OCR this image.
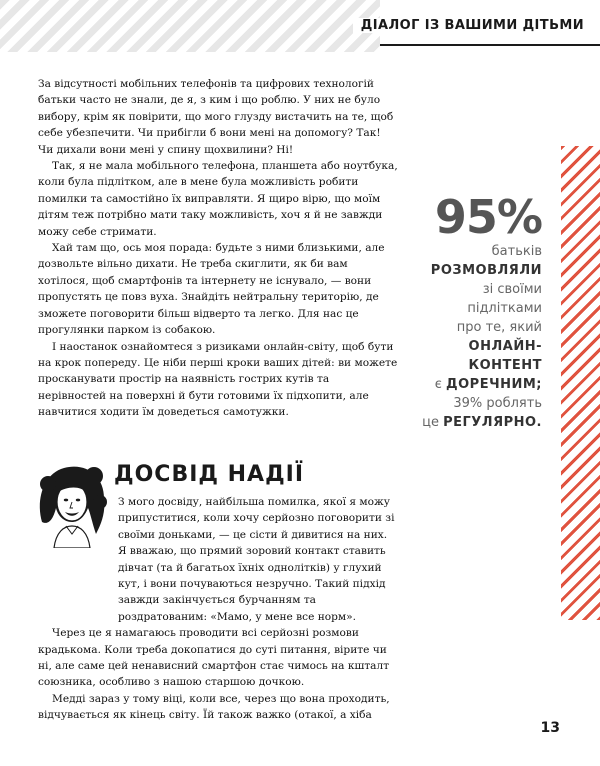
ДІАЛОГ ІЗ ВАШИМИ ДІТЬМИ

За відсутності мобільних телефонів та цифрових технологій батьки часто не знали, де я, з ким і що роблю. У них не було вибору, крім як повірити, що мого глузду вистачить на те, щоб себе убезпечити. Чи прибігли б вони мені на допомогу? Так! Чи дихали вони мені у спину щохвилини? Ні!

Так, я не мала мобільного телефона, планшета або ноутбука, коли була підлітком, але в мене була можливість робити помилки та самостійно їх виправляти. Я щиро вірю, що моїм дітям теж потрібно мати таку можливість, хоч я й не завжди можу себе стримати.

Хай там що, ось моя порада: будьте з ними близькими, але дозвольте вільно дихати. Не треба скиглити, як би вам хотілося, щоб смартфонів та інтернету не існувало, — вони пропустять це повз вуха. Знайдіть нейтральну територію, де зможете поговорити більш відверто та легко. Для нас це прогулянки парком із собакою.

І наостанок ознайомтеся з ризиками онлайн-світу, щоб бути на крок попереду. Це ніби перші кроки ваших дітей: ви можете просканувати простір на наявність гострих кутів та нерівностей на поверхні й бути готовими їх підхопити, але навчитися ходити їм доведеться самотужки.

95%
батьків
РОЗМОВЛЯЛИ
зі своїми
підлітками
про те, який
ОНЛАЙН-
КОНТЕНТ
є ДОРЕЧНИМ;
39% роблять
це РЕГУЛЯРНО.
ДОСВІД НАДІЇ

З мого досвіду, найбільша помилка, якої я можу припуститися, коли хочу серйозно поговорити зі своїми доньками, — це сісти й дивитися на них. Я вважаю, що прямий зоровий контакт ставить дівчат (та й багатьох їхніх однолітків) у глухий кут, і вони почуваються незручно. Такий підхід завжди закінчується бурчанням та роздратованим: «Мамо, у мене все норм».

Через це я намагаюсь проводити всі серйозні розмови крадькома. Коли треба докопатися до суті питання, вірите чи ні, але саме цей ненависний смартфон стає чимось на кшталт союзника, особливо з нашою старшою дочкою.

Медді зараз у тому віці, коли все, через що вона проходить, відчувається як кінець світу. Їй також важко (отакої, а хіба

13
